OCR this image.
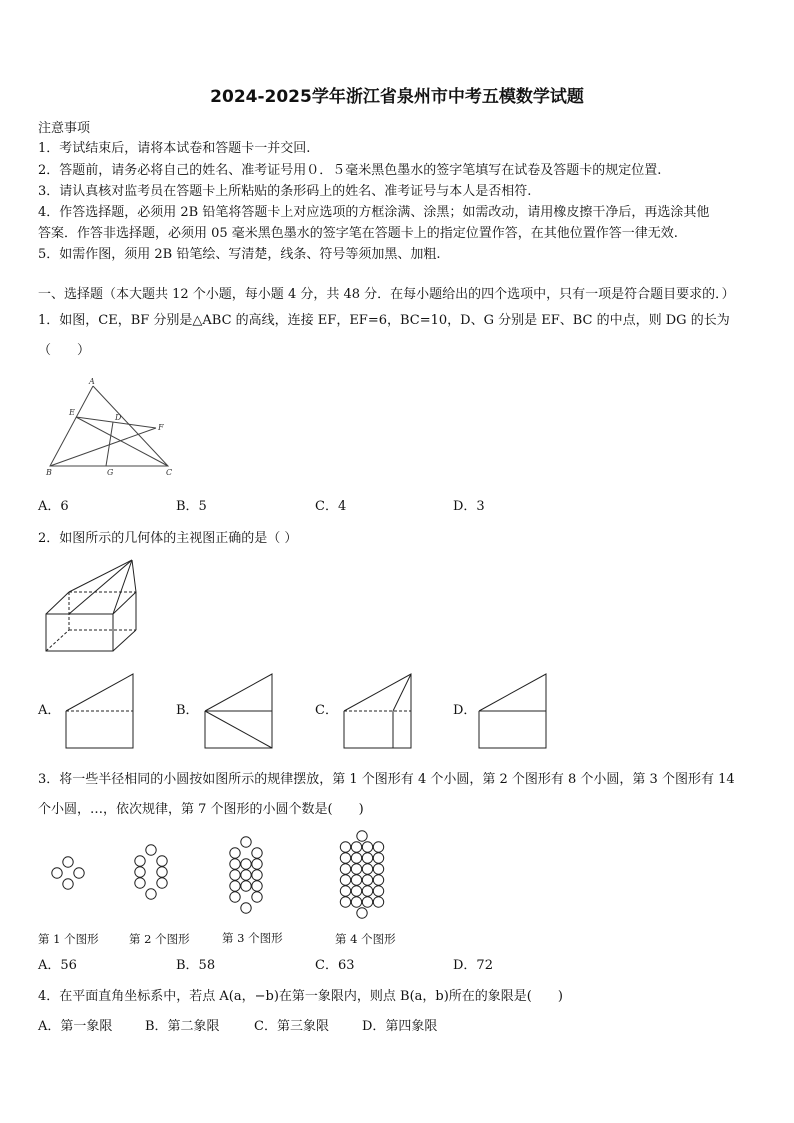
2024-2025学年浙江省泉州市中考五模数学试题
注意事项
1．考试结束后，请将本试卷和答题卡一并交回.
2．答题前，请务必将自己的姓名、准考证号用０．５毫米黑色墨水的签字笔填写在试卷及答题卡的规定位置.
3．请认真核对监考员在答题卡上所粘贴的条形码上的姓名、准考证号与本人是否相符.
4．作答选择题，必须用 2B 铅笔将答题卡上对应选项的方框涂满、涂黑；如需改动，请用橡皮擦干净后，再选涂其他
答案．作答非选择题，必须用 05 毫米黑色墨水的签字笔在答题卡上的指定位置作答，在其他位置作答一律无效.
5．如需作图，须用 2B 铅笔绘、写清楚，线条、符号等须加黑、加粗.
一、选择题（本大题共 12 个小题，每小题 4 分，共 48 分．在每小题给出的四个选项中，只有一项是符合题目要求的．）
1．如图，CE，BF 分别是△ABC 的高线，连接 EF，EF=6，BC=10，D、G 分别是 EF、BC 的中点，则 DG 的长为
（　　）
A
E
D
F
B	G	C
A．6	B．5	C．4	D．3
2．如图所示的几何体的主视图正确的是（ ）
A．	B．	C．	D．
3．将一些半径相同的小圆按如图所示的规律摆放，第 1 个图形有 4 个小圆，第 2 个图形有 8 个小圆，第 3 个图形有 14
个小圆，…，依次规律，第 7 个图形的小圆个数是(　　)
第 1 个图形	第 2 个图形	第 3 个图形	第 4 个图形
A．56	B．58	C．63	D．72
4．在平面直角坐标系中，若点 A(a，−b)在第一象限内，则点 B(a，b)所在的象限是(　　)
A．第一象限	B．第二象限	C．第三象限	D．第四象限
